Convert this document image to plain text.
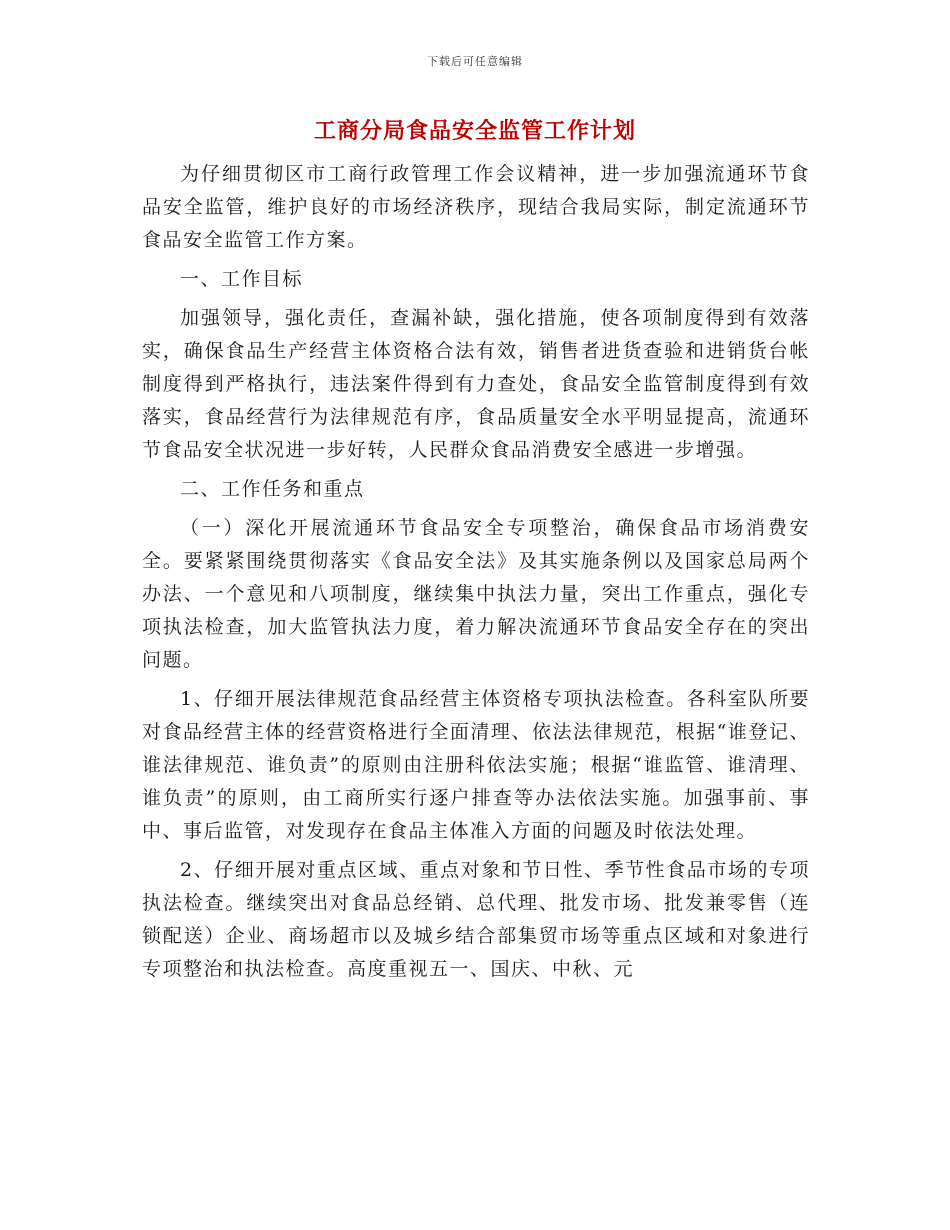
下载后可任意编辑
工商分局食品安全监管工作计划

为仔细贯彻区市工商行政管理工作会议精神，进一步加强流通环节食品安全监管，维护良好的市场经济秩序，现结合我局实际，制定流通环节食品安全监管工作方案。

一、工作目标

加强领导，强化责任，查漏补缺，强化措施，使各项制度得到有效落实，确保食品生产经营主体资格合法有效，销售者进货查验和进销货台帐制度得到严格执行，违法案件得到有力查处，食品安全监管制度得到有效落实，食品经营行为法律规范有序，食品质量安全水平明显提高，流通环节食品安全状况进一步好转，人民群众食品消费安全感进一步增强。

二、工作任务和重点

（一）深化开展流通环节食品安全专项整治，确保食品市场消费安全。要紧紧围绕贯彻落实《食品安全法》及其实施条例以及国家总局两个办法、一个意见和八项制度，继续集中执法力量，突出工作重点，强化专项执法检查，加大监管执法力度，着力解决流通环节食品安全存在的突出问题。

1、仔细开展法律规范食品经营主体资格专项执法检查。各科室队所要对食品经营主体的经营资格进行全面清理、依法法律规范，根据“谁登记、谁法律规范、谁负责”的原则由注册科依法实施；根据“谁监管、谁清理、谁负责”的原则，由工商所实行逐户排查等办法依法实施。加强事前、事中、事后监管，对发现存在食品主体准入方面的问题及时依法处理。

2、仔细开展对重点区域、重点对象和节日性、季节性食品市场的专项执法检查。继续突出对食品总经销、总代理、批发市场、批发兼零售（连锁配送）企业、商场超市以及城乡结合部集贸市场等重点区域和对象进行专项整治和执法检查。高度重视五一、国庆、中秋、元
